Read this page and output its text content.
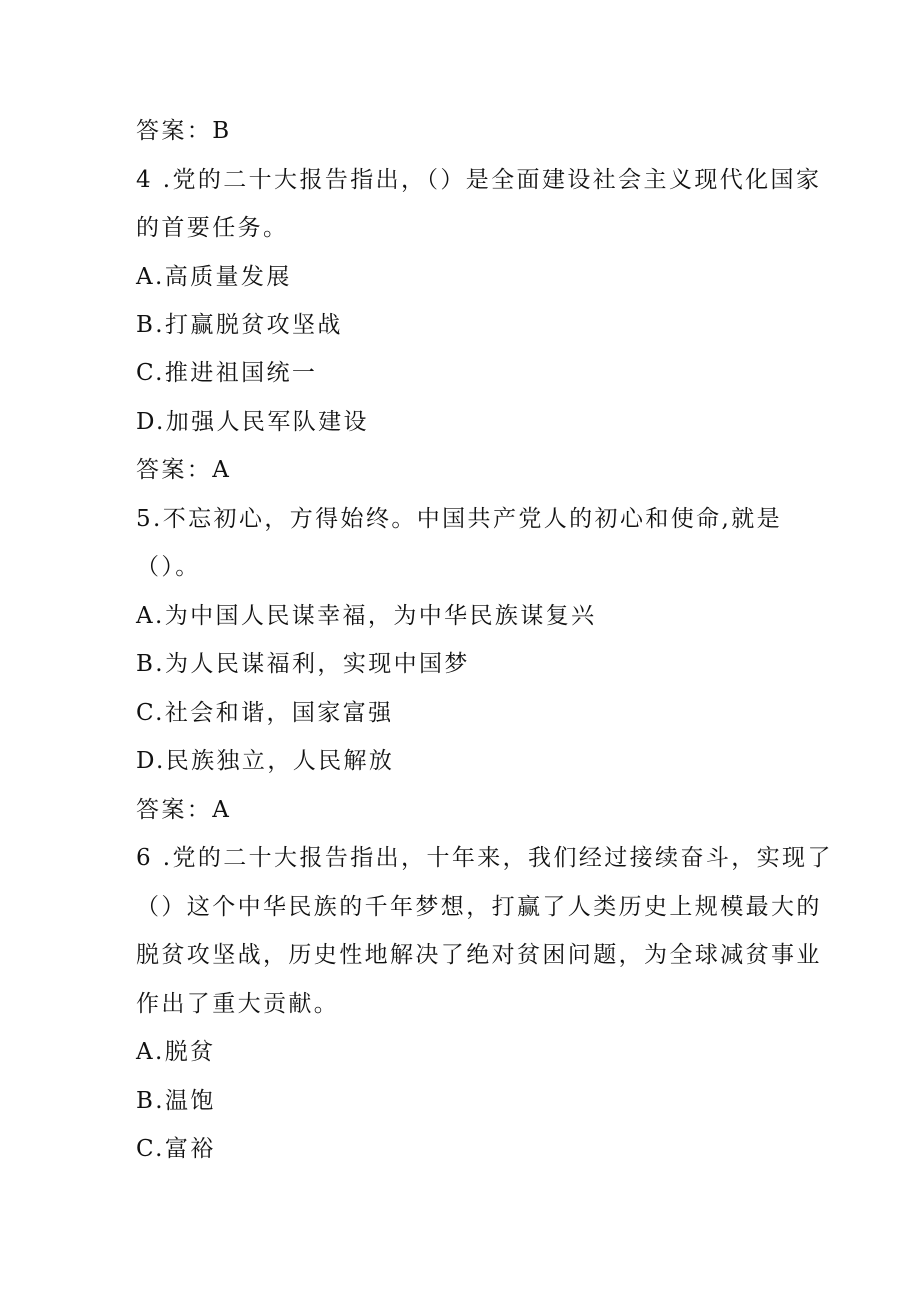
答案：B
4 .党的二十大报告指出，（）是全面建设社会主义现代化国家
的首要任务。
A.高质量发展
B.打赢脱贫攻坚战
C.推进祖国统一
D.加强人民军队建设
答案：A
5.不忘初心，方得始终。中国共产党人的初心和使命,就是
（）。
A.为中国人民谋幸福，为中华民族谋复兴
B.为人民谋福利，实现中国梦
C.社会和谐，国家富强
D.民族独立，人民解放
答案：A
6 .党的二十大报告指出，十年来，我们经过接续奋斗，实现了
（）这个中华民族的千年梦想，打赢了人类历史上规模最大的
脱贫攻坚战，历史性地解决了绝对贫困问题，为全球减贫事业
作出了重大贡献。
A.脱贫
B.温饱
C.富裕
